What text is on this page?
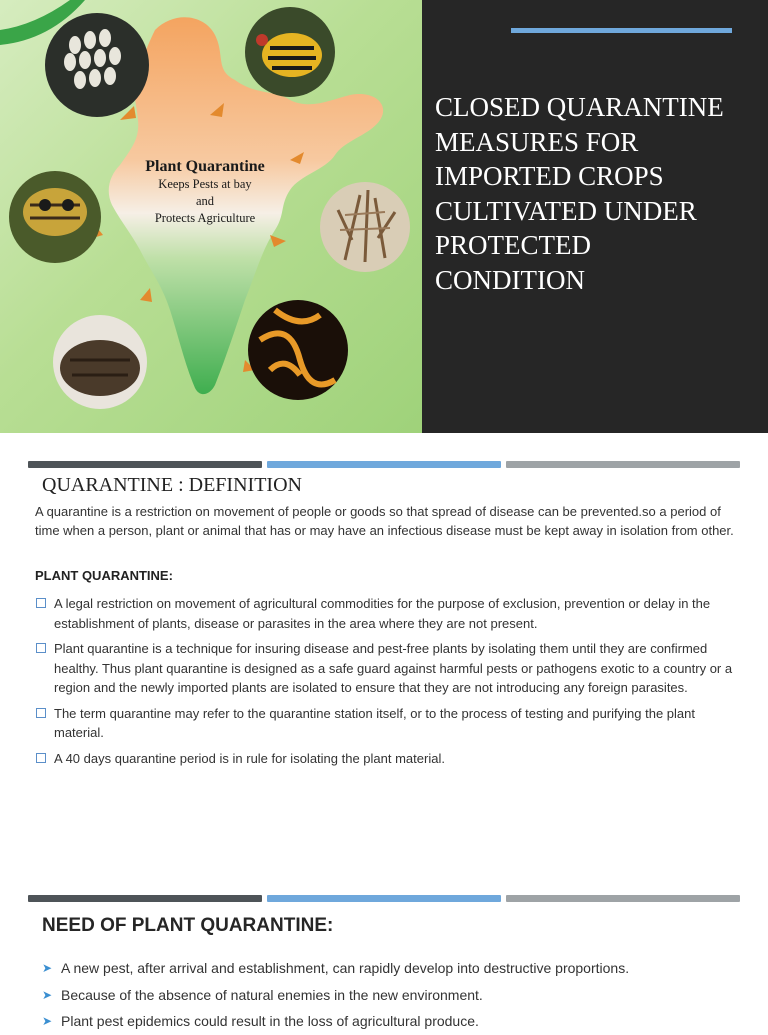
Plant Quarantine
Keeps Pests at bay
and
Protects Agriculture
CLOSED QUARANTINE
MEASURES FOR
IMPORTED CROPS
CULTIVATED UNDER
PROTECTED
CONDITION
QUARANTINE : DEFINITION
A quarantine is a restriction on movement of people or goods so that spread of disease can be prevented.so a period of time when a person, plant or animal that has or may have an infectious disease must be kept away in isolation from other.
PLANT QUARANTINE:
A legal restriction on movement of agricultural commodities for the purpose of exclusion, prevention or delay in the establishment of plants, disease or parasites in the area where they are not present.
Plant quarantine is a technique for insuring disease and pest-free plants by isolating them until they are confirmed healthy. Thus plant quarantine is designed as a safe guard against harmful pests or pathogens exotic to a country or a region and the newly imported plants are isolated to ensure that they are not introducing any foreign parasites.
The term quarantine may refer to the quarantine station itself, or to the process of testing and purifying the plant material.
A 40 days quarantine period is in rule for isolating the plant material.
NEED OF PLANT QUARANTINE:
➤ A new pest, after arrival and establishment, can rapidly develop into destructive proportions.
➤ Because of the absence of natural enemies in the new environment.
➤ Plant pest epidemics could result in the loss of agricultural produce.
